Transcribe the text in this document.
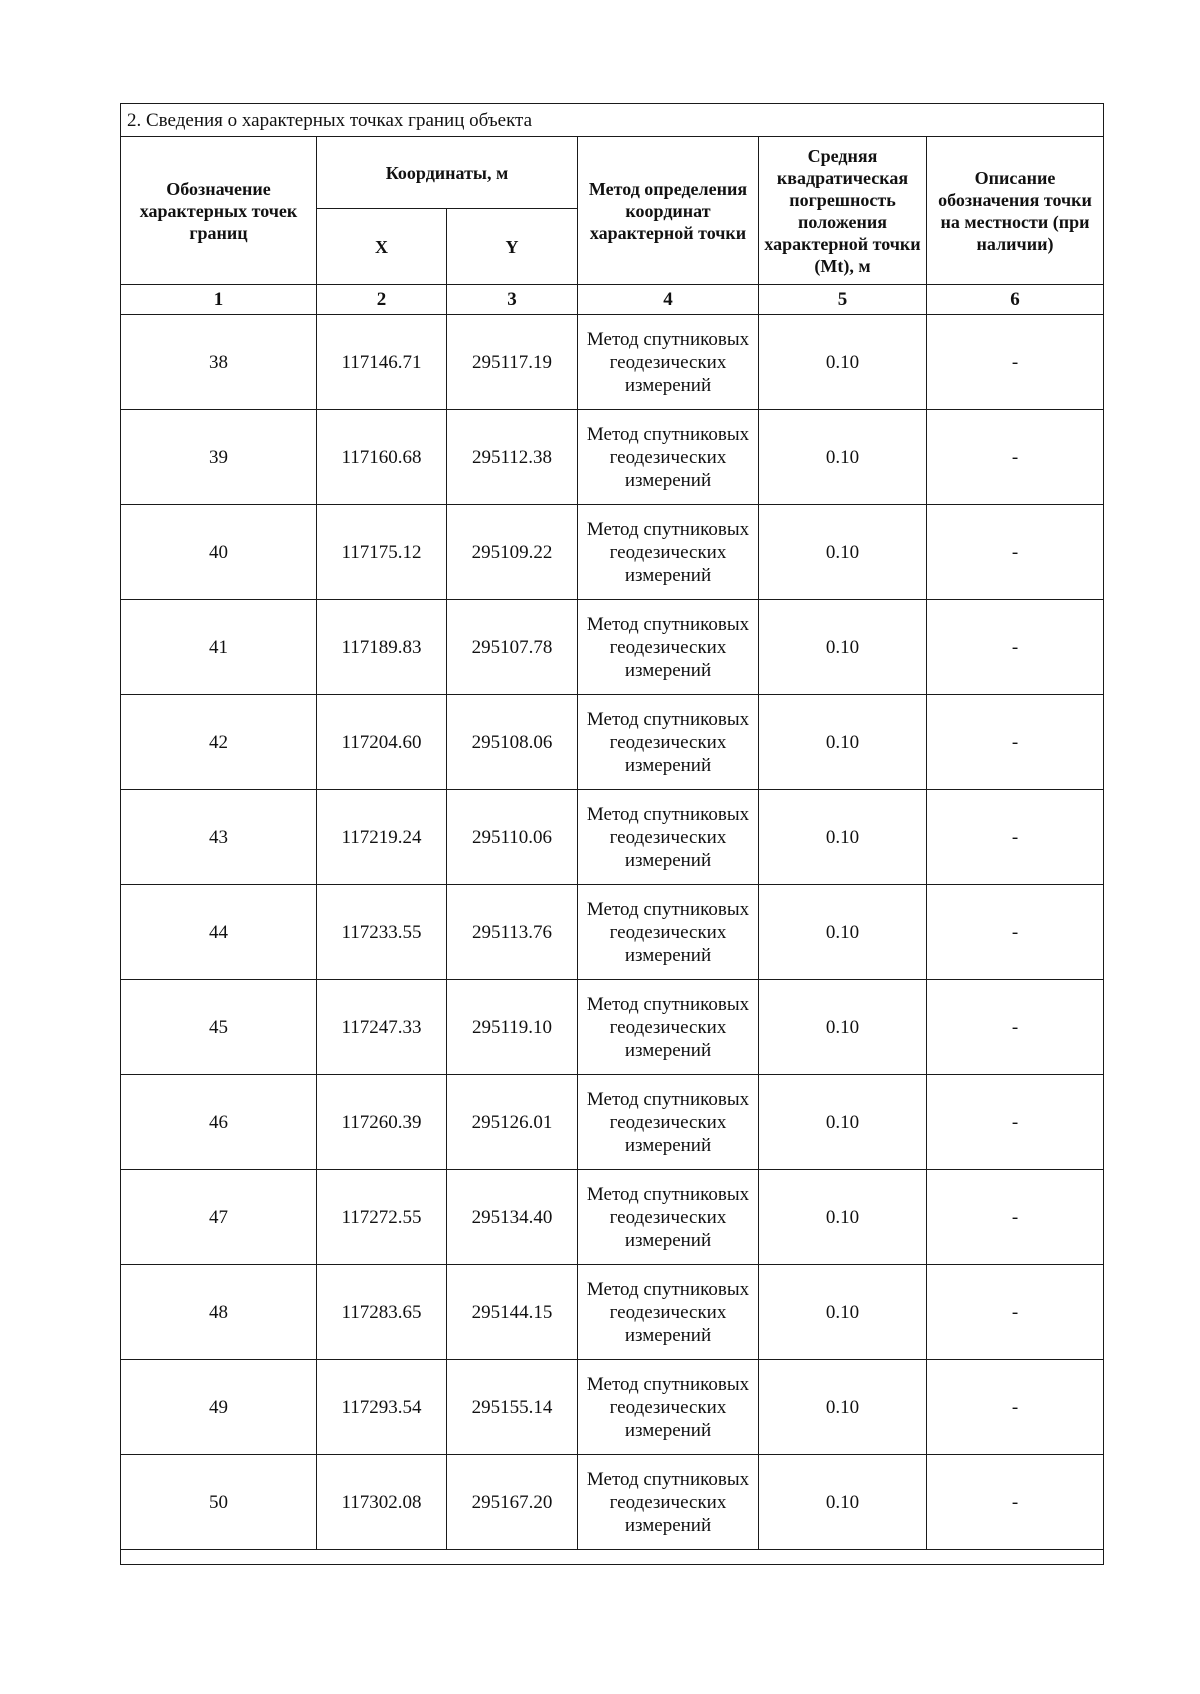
2. Сведения о характерных точках границ объекта					
Обозначение характерных точек границ	Координаты, м		Метод определения координат характерной точки	Средняя квадратическая погрешность положения характерной точки (Mt), м	Описание обозначения точки на местности (при наличии)
	X	Y			
1	2	3	4	5	6
38	117146.71	295117.19	Метод спутниковых геодезических измерений	0.10	-
39	117160.68	295112.38	Метод спутниковых геодезических измерений	0.10	-
40	117175.12	295109.22	Метод спутниковых геодезических измерений	0.10	-
41	117189.83	295107.78	Метод спутниковых геодезических измерений	0.10	-
42	117204.60	295108.06	Метод спутниковых геодезических измерений	0.10	-
43	117219.24	295110.06	Метод спутниковых геодезических измерений	0.10	-
44	117233.55	295113.76	Метод спутниковых геодезических измерений	0.10	-
45	117247.33	295119.10	Метод спутниковых геодезических измерений	0.10	-
46	117260.39	295126.01	Метод спутниковых геодезических измерений	0.10	-
47	117272.55	295134.40	Метод спутниковых геодезических измерений	0.10	-
48	117283.65	295144.15	Метод спутниковых геодезических измерений	0.10	-
49	117293.54	295155.14	Метод спутниковых геодезических измерений	0.10	-
50	117302.08	295167.20	Метод спутниковых геодезических измерений	0.10	-
